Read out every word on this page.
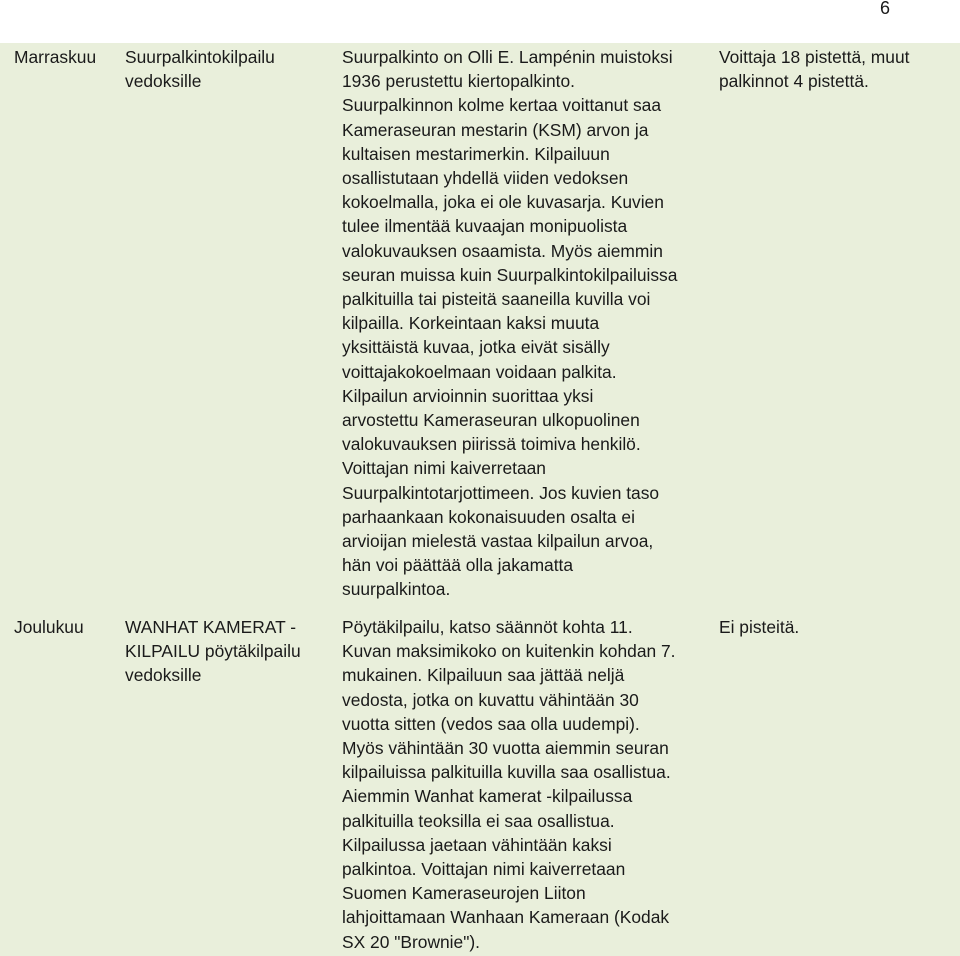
6
Marraskuu Suurpalkintokilpailu
vedoksille
Suurpalkinto on Olli E. Lampénin muistoksi
1936 perustettu kiertopalkinto.
Suurpalkinnon kolme kertaa voittanut saa
Kameraseuran mestarin (KSM) arvon ja
kultaisen mestarimerkin. Kilpailuun
osallistutaan yhdellä viiden vedoksen
kokoelmalla, joka ei ole kuvasarja. Kuvien
tulee ilmentää kuvaajan monipuolista
valokuvauksen osaamista. Myös aiemmin
seuran muissa kuin Suurpalkintokilpailuissa
palkituilla tai pisteitä saaneilla kuvilla voi
kilpailla. Korkeintaan kaksi muuta
yksittäistä kuvaa, jotka eivät sisälly
voittajakokoelmaan voidaan palkita.
Kilpailun arvioinnin suorittaa yksi
arvostettu Kameraseuran ulkopuolinen
valokuvauksen piirissä toimiva henkilö.
Voittajan nimi kaiverretaan
Suurpalkintotarjottimeen. Jos kuvien taso
parhaankaan kokonaisuuden osalta ei
arvioijan mielestä vastaa kilpailun arvoa,
hän voi päättää olla jakamatta
suurpalkintoa.
Voittaja 18 pistettä, muut
palkinnot 4 pistettä.
Joulukuu WANHAT KAMERAT -
KILPAILU pöytäkilpailu
vedoksille
Pöytäkilpailu, katso säännöt kohta 11.
Kuvan maksimikoko on kuitenkin kohdan 7.
mukainen. Kilpailuun saa jättää neljä
vedosta, jotka on kuvattu vähintään 30
vuotta sitten (vedos saa olla uudempi).
Myös vähintään 30 vuotta aiemmin seuran
kilpailuissa palkituilla kuvilla saa osallistua.
Aiemmin Wanhat kamerat -kilpailussa
palkituilla teoksilla ei saa osallistua.
Kilpailussa jaetaan vähintään kaksi
palkintoa. Voittajan nimi kaiverretaan
Suomen Kameraseurojen Liiton
lahjoittamaan Wanhaan Kameraan (Kodak
SX 20 "Brownie").
Ei pisteitä.
